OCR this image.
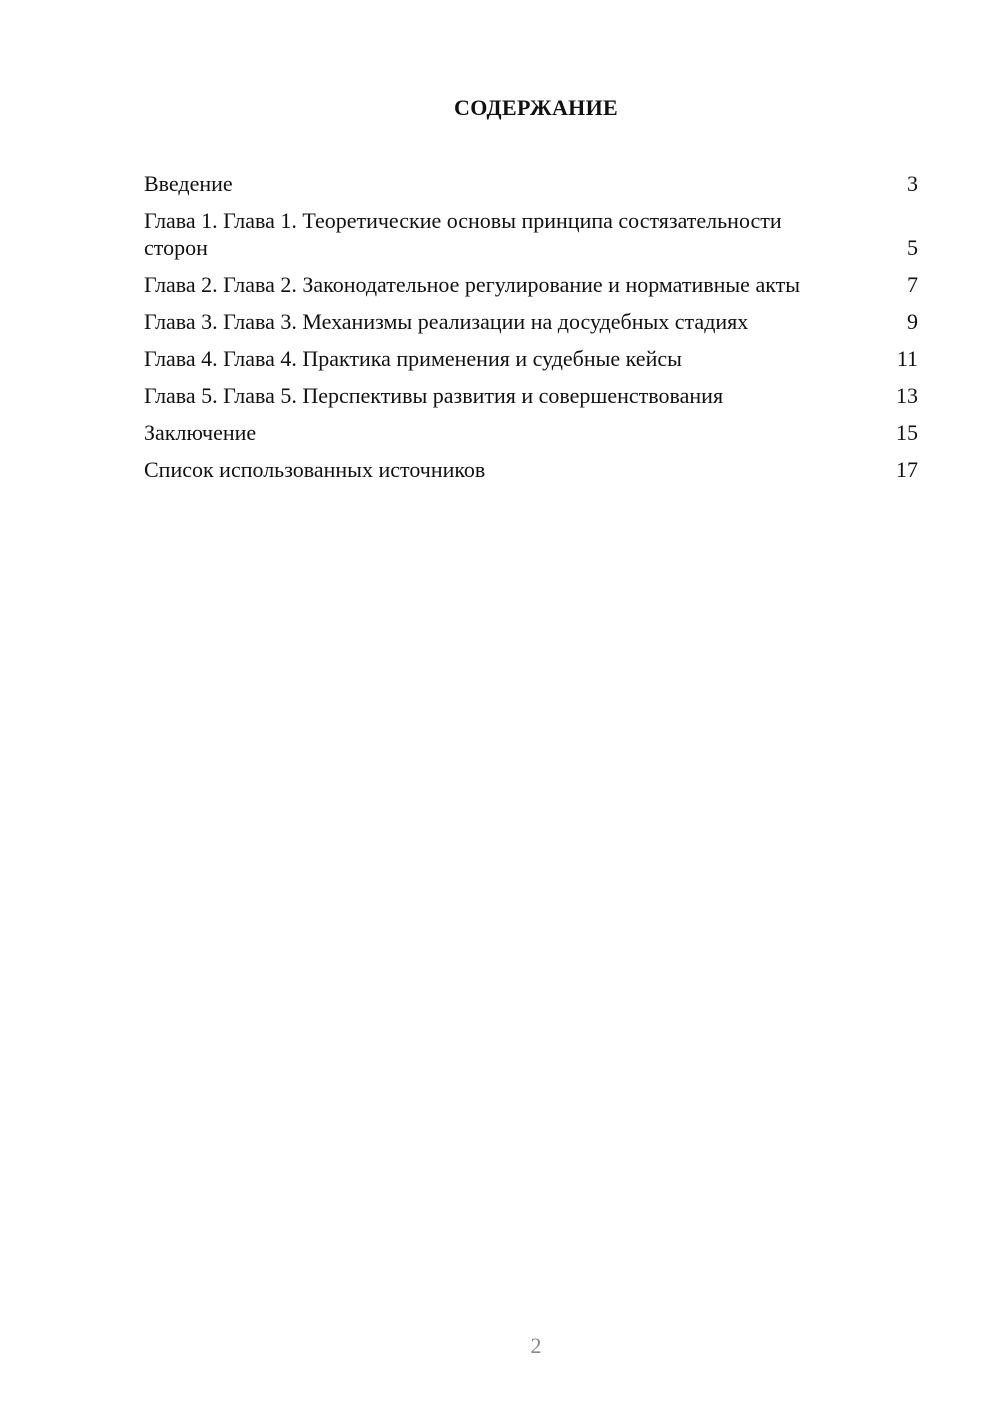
СОДЕРЖАНИЕ
Введение	3
Глава 1. Глава 1. Теоретические основы принципа состязательности сторон	5
Глава 2. Глава 2. Законодательное регулирование и нормативные акты	7
Глава 3. Глава 3. Механизмы реализации на досудебных стадиях	9
Глава 4. Глава 4. Практика применения и судебные кейсы	11
Глава 5. Глава 5. Перспективы развития и совершенствования	13
Заключение	15
Список использованных источников	17
2
